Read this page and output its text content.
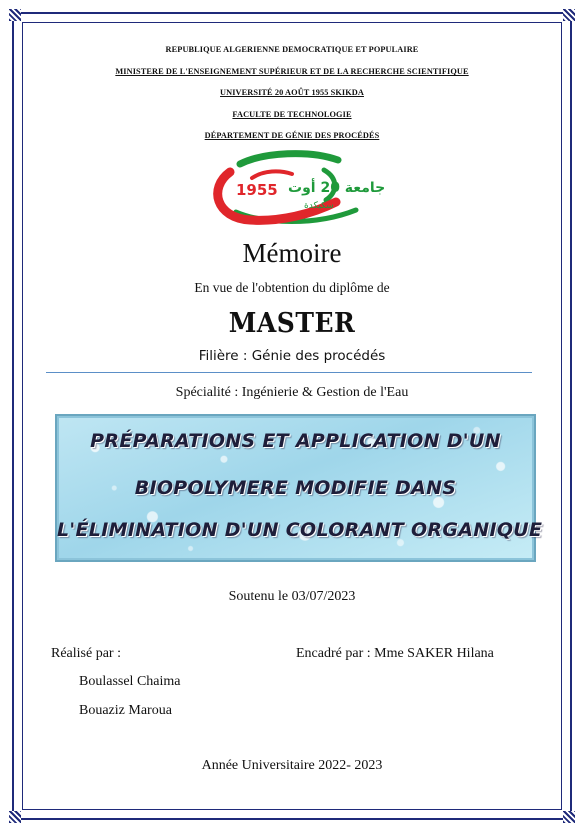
REPUBLIQUE ALGERIENNE DEMOCRATIQUE ET POPULAIRE
MINISTERE DE L'ENSEIGNEMENT SUPÉRIEUR ET DE LA RECHERCHE SCIENTIFIQUE
UNIVERSITÉ 20 AOÛT 1955 SKIKDA
FACULTE DE TECHNOLOGIE
DÉPARTEMENT DE GÉNIE DES PROCÉDÉS
1955 جامعة 20 أوت
سكيكدة
Mémoire
En vue de l'obtention du diplôme de
MASTER
Filière : Génie des procédés
Spécialité : Ingénierie & Gestion de l'Eau
PRÉPARATIONS ET APPLICATION D'UN
BIOPOLYMERE MODIFIE DANS
L'ÉLIMINATION D'UN COLORANT ORGANIQUE
Soutenu le 03/07/2023
Réalisé par :	Encadré par : Mme SAKER Hilana
Boulassel Chaima
Bouaziz Maroua
Année Universitaire 2022- 2023
